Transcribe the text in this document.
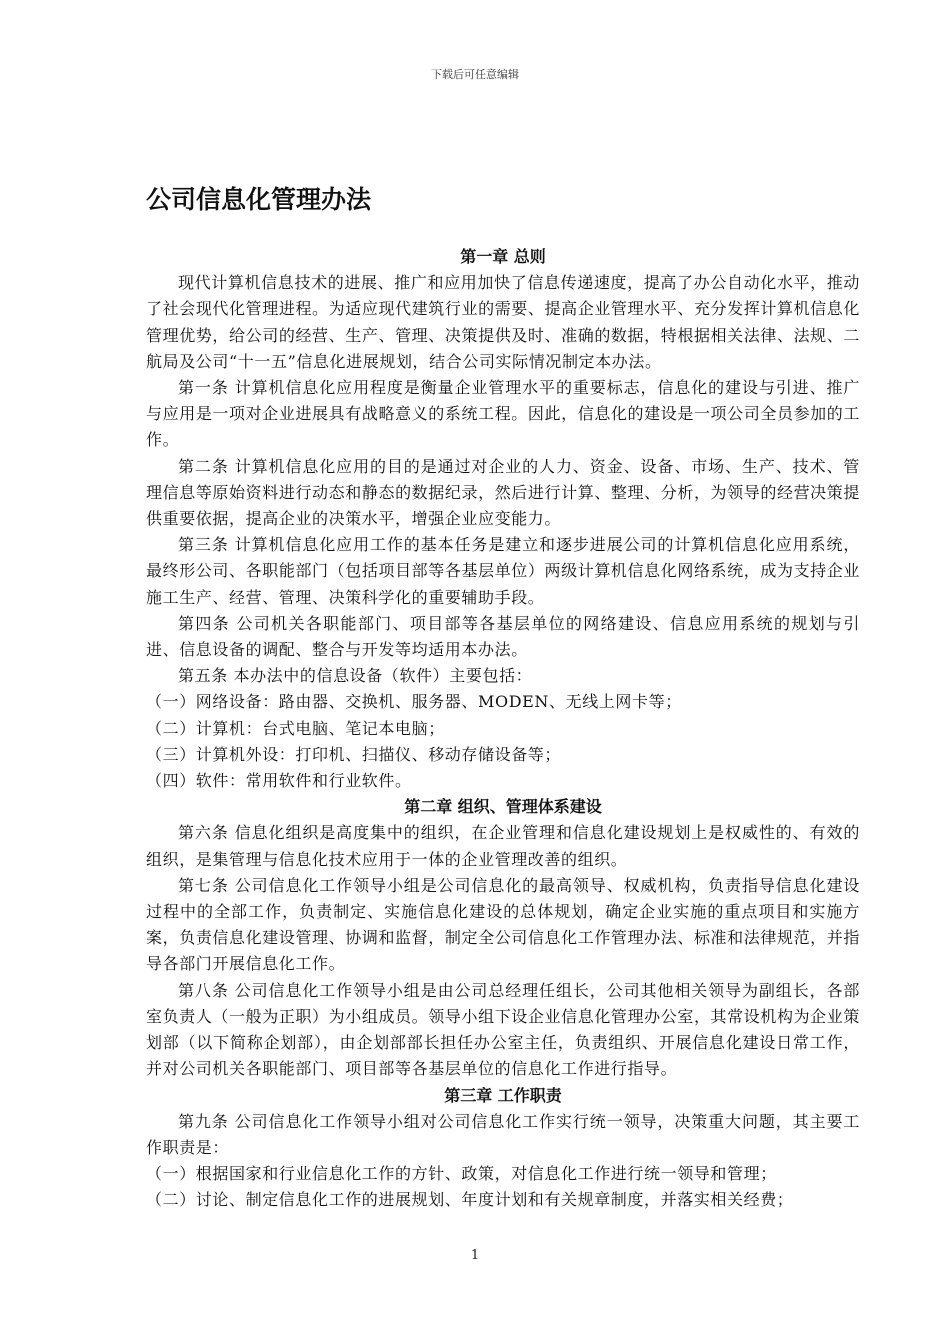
下载后可任意编辑
公司信息化管理办法

第一章 总则

现代计算机信息技术的进展、推广和应用加快了信息传递速度，提高了办公自动化水平，推动了社会现代化管理进程。为适应现代建筑行业的需要、提高企业管理水平、充分发挥计算机信息化管理优势，给公司的经营、生产、管理、决策提供及时、准确的数据，特根据相关法律、法规、二航局及公司“十一五”信息化进展规划，结合公司实际情况制定本办法。

第一条 计算机信息化应用程度是衡量企业管理水平的重要标志，信息化的建设与引进、推广与应用是一项对企业进展具有战略意义的系统工程。因此，信息化的建设是一项公司全员参加的工作。

第二条 计算机信息化应用的目的是通过对企业的人力、资金、设备、市场、生产、技术、管理信息等原始资料进行动态和静态的数据纪录，然后进行计算、整理、分析，为领导的经营决策提供重要依据，提高企业的决策水平，增强企业应变能力。

第三条 计算机信息化应用工作的基本任务是建立和逐步进展公司的计算机信息化应用系统，最终形公司、各职能部门（包括项目部等各基层单位）两级计算机信息化网络系统，成为支持企业施工生产、经营、管理、决策科学化的重要辅助手段。

第四条 公司机关各职能部门、项目部等各基层单位的网络建设、信息应用系统的规划与引进、信息设备的调配、整合与开发等均适用本办法。

第五条 本办法中的信息设备（软件）主要包括：

（一）网络设备：路由器、交换机、服务器、MODEN、无线上网卡等；

（二）计算机：台式电脑、笔记本电脑；

（三）计算机外设：打印机、扫描仪、移动存储设备等；

（四）软件：常用软件和行业软件。

第二章 组织、管理体系建设

第六条 信息化组织是高度集中的组织，在企业管理和信息化建设规划上是权威性的、有效的组织，是集管理与信息化技术应用于一体的企业管理改善的组织。

第七条 公司信息化工作领导小组是公司信息化的最高领导、权威机构，负责指导信息化建设过程中的全部工作，负责制定、实施信息化建设的总体规划，确定企业实施的重点项目和实施方案，负责信息化建设管理、协调和监督，制定全公司信息化工作管理办法、标准和法律规范，并指导各部门开展信息化工作。

第八条 公司信息化工作领导小组是由公司总经理任组长，公司其他相关领导为副组长，各部室负责人（一般为正职）为小组成员。领导小组下设企业信息化管理办公室，其常设机构为企业策划部（以下简称企划部），由企划部部长担任办公室主任，负责组织、开展信息化建设日常工作，并对公司机关各职能部门、项目部等各基层单位的信息化工作进行指导。

第三章 工作职责

第九条 公司信息化工作领导小组对公司信息化工作实行统一领导，决策重大问题，其主要工作职责是：

（一）根据国家和行业信息化工作的方针、政策，对信息化工作进行统一领导和管理；

（二）讨论、制定信息化工作的进展规划、年度计划和有关规章制度，并落实相关经费；

1
